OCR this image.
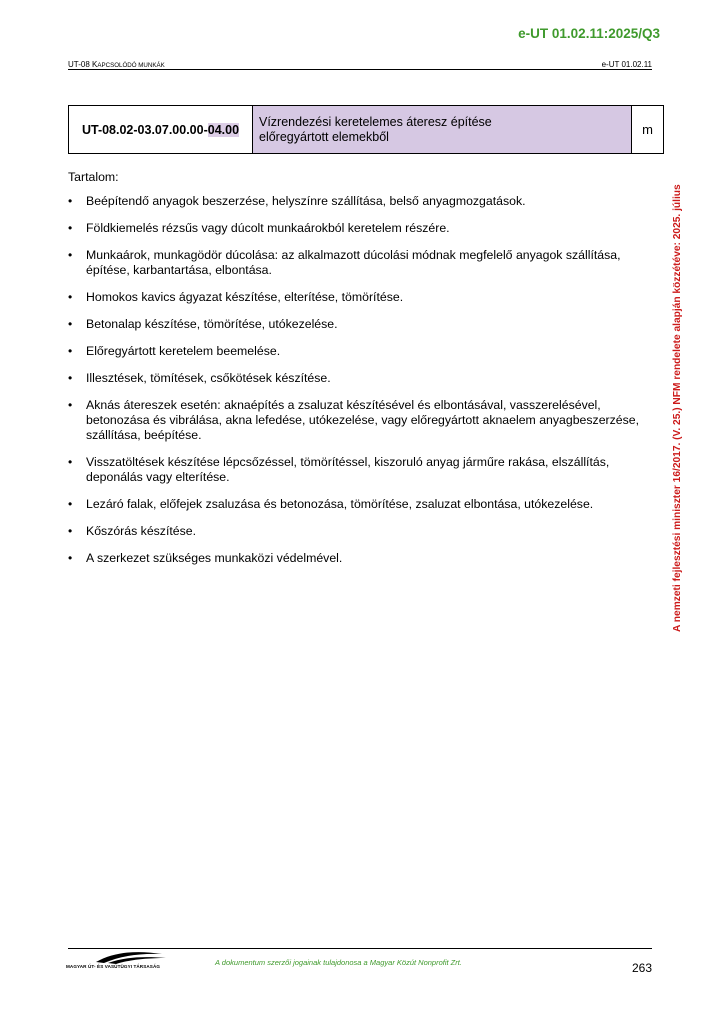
e-UT 01.02.11:2025/Q3
UT-08 KAPCSOLÓDÓ MUNKÁK	e-UT 01.02.11
UT-08.02-03.07.00.00-04.00	
Vízrendezési keretelemes áteresz építése
előregyártott elemekből	m
Tartalom:
• Beépítendő anyagok beszerzése, helyszínre szállítása, belső anyagmozgatások.
• Földkiemelés rézsűs vagy dúcolt munkaárokból keretelem részére.
• Munkaárok, munkagödör dúcolása: az alkalmazott dúcolási módnak megfelelő anyagok szállítása, építése, karbantartása, elbontása.
• Homokos kavics ágyazat készítése, elterítése, tömörítése.
• Betonalap készítése, tömörítése, utókezelése.
• Előregyártott keretelem beemelése.
• Illesztések, tömítések, csőkötések készítése.
• Aknás átereszek esetén: aknaépítés a zsaluzat készítésével és elbontásával, vasszerelésével, betonozása és vibrálása, akna lefedése, utókezelése, vagy előregyártott aknaelem anyagbeszerzése, szállítása, beépítése.
• Visszatöltések készítése lépcsőzéssel, tömörítéssel, kiszoruló anyag járműre rakása, elszállítás, deponálás vagy elterítése.
• Lezáró falak, előfejek zsaluzása és betonozása, tömörítése, zsaluzat elbontása, utókezelése.
• Kőszórás készítése.
• A szerkezet szükséges munkaközi védelmével.	A nemzeti fejlesztési miniszter 16/2017. (V. 25.) NFM rendelete alapján közzétéve: 2025. július
MAGYAR ÚT- ÉS VASÚTÜGYI TÁRSASÁG	A dokumentum szerzői jogainak tulajdonosa a Magyar Közút Nonprofit Zrt.	263
